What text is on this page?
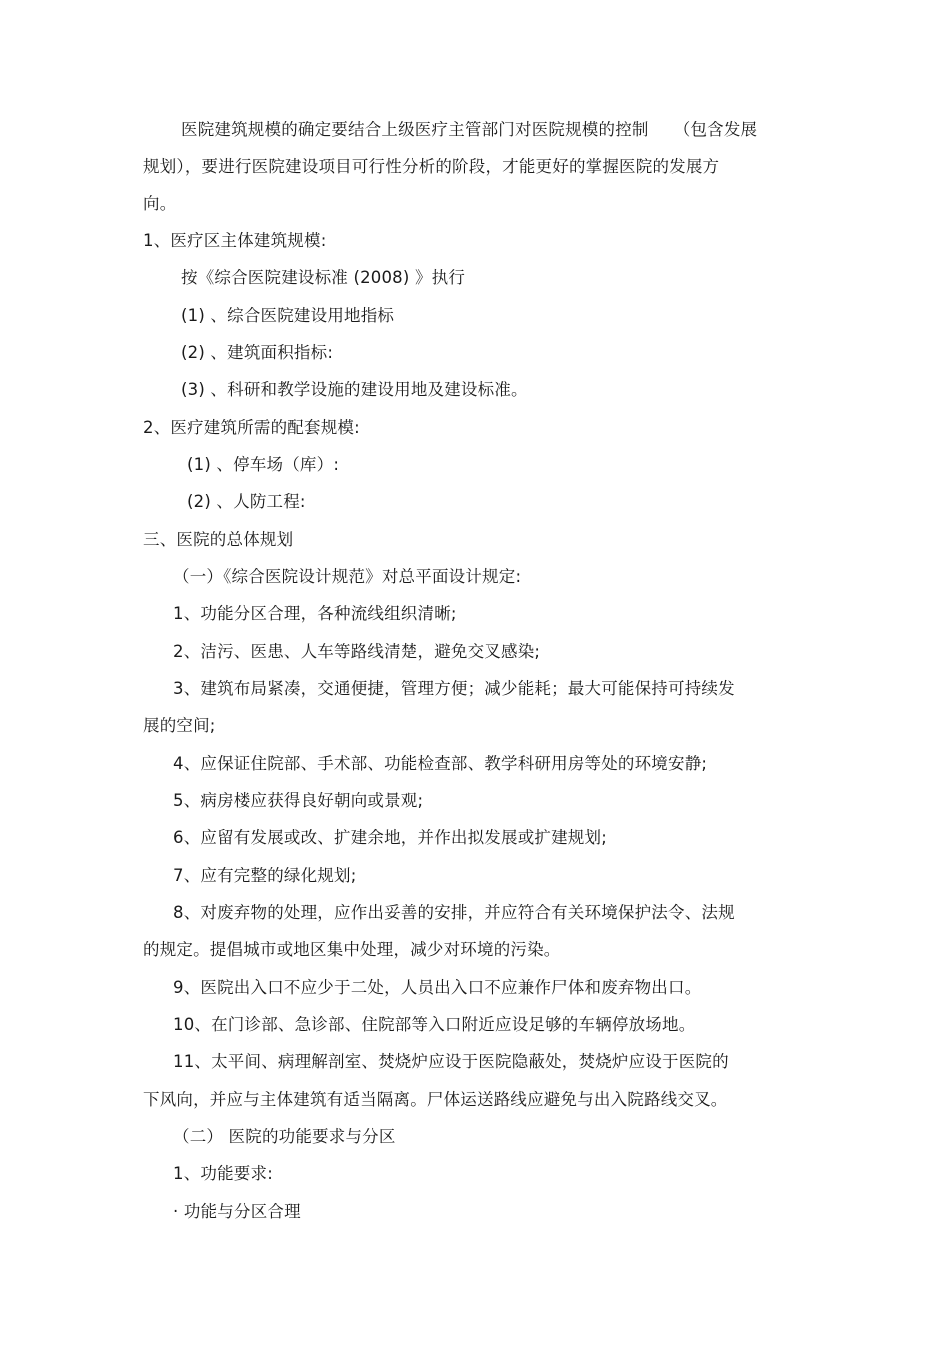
医院建筑规模的确定要结合上级医疗主管部门对医院规模的控制　　（包含发展
规划），要进行医院建设项目可行性分析的阶段，才能更好的掌握医院的发展方
向。
1、医疗区主体建筑规模:
按《综合医院建设标准 (2008) 》执行
(1) 、综合医院建设用地指标
(2) 、建筑面积指标:
(3) 、科研和教学设施的建设用地及建设标准。
2、医疗建筑所需的配套规模:
(1) 、停车场（库）:
(2) 、人防工程:
三、医院的总体规划
（一）《综合医院设计规范》对总平面设计规定:
1、功能分区合理，各种流线组织清晰;
2、洁污、医患、人车等路线清楚，避免交叉感染;
3、建筑布局紧凑，交通便捷，管理方便；减少能耗；最大可能保持可持续发
展的空间;
4、应保证住院部、手术部、功能检查部、教学科研用房等处的环境安静;
5、病房楼应获得良好朝向或景观;
6、应留有发展或改、扩建余地，并作出拟发展或扩建规划;
7、应有完整的绿化规划;
8、对废弃物的处理，应作出妥善的安排，并应符合有关环境保护法令、法规
的规定。提倡城市或地区集中处理，减少对环境的污染。
9、医院出入口不应少于二处，人员出入口不应兼作尸体和废弃物出口。
10、在门诊部、急诊部、住院部等入口附近应设足够的车辆停放场地。
11、太平间、病理解剖室、焚烧炉应设于医院隐蔽处，焚烧炉应设于医院的
下风向，并应与主体建筑有适当隔离。尸体运送路线应避免与出入院路线交叉。
（二） 医院的功能要求与分区
1、功能要求:
· 功能与分区合理
